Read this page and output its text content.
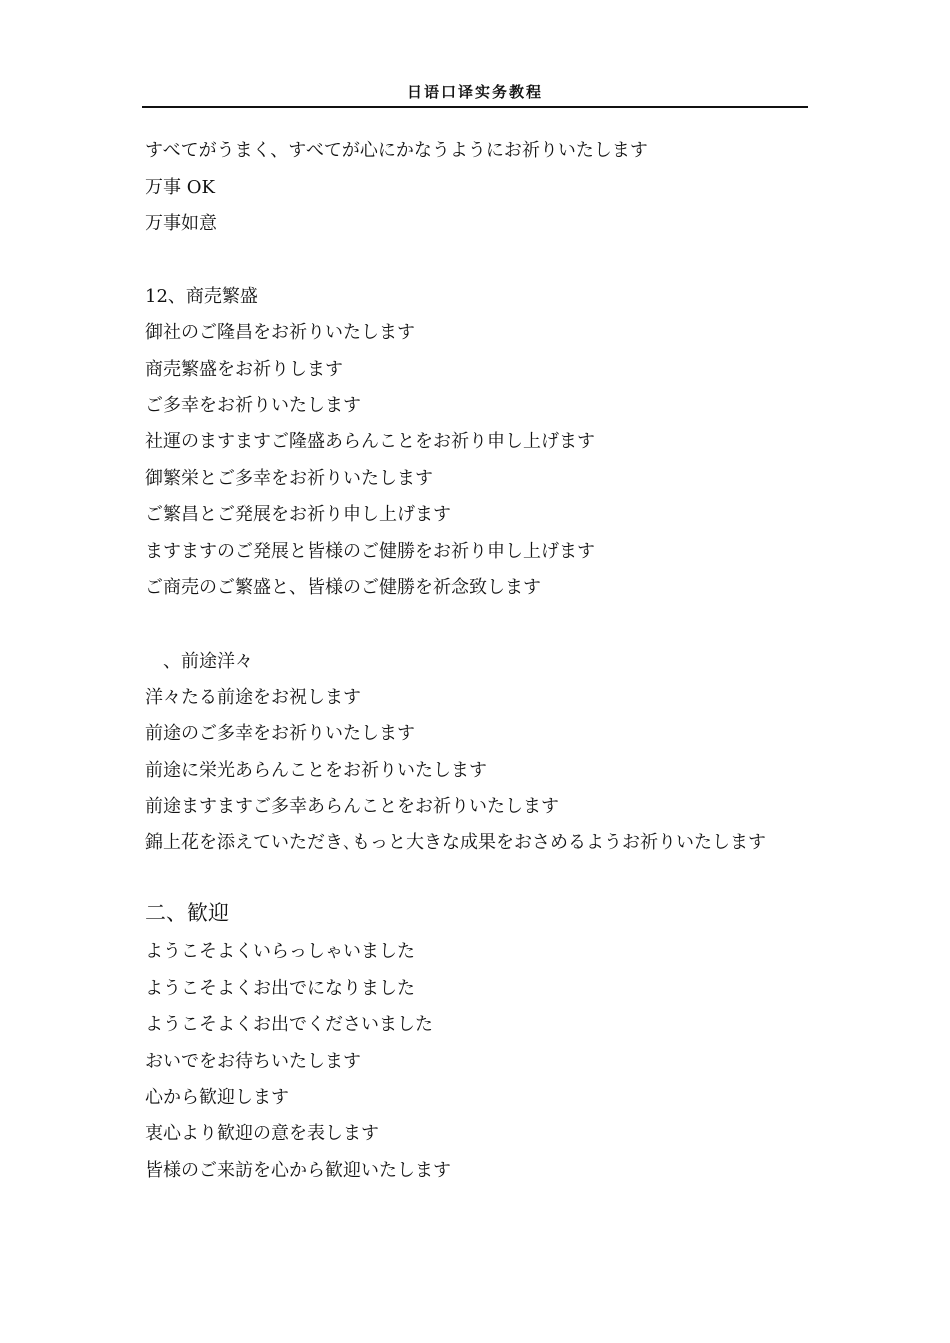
日语口译实务教程
すべてがうまく、すべてが心にかなうようにお祈りいたします
万事 OK
万事如意
12、商売繁盛
御社のご隆昌をお祈りいたします
商売繁盛をお祈りします
ご多幸をお祈りいたします
社運のますますご隆盛あらんことをお祈り申し上げます
御繁栄とご多幸をお祈りいたします
ご繁昌とご発展をお祈り申し上げます
ますますのご発展と皆様のご健勝をお祈り申し上げます
ご商売のご繁盛と、皆様のご健勝を祈念致します
　、前途洋々
洋々たる前途をお祝します
前途のご多幸をお祈りいたします
前途に栄光あらんことをお祈りいたします
前途ますますご多幸あらんことをお祈りいたします
錦上花を添えていただき､もっと大きな成果をおさめるようお祈りいたします
二、歓迎
ようこそよくいらっしゃいました
ようこそよくお出でになりました
ようこそよくお出でくださいました
おいでをお待ちいたします
心から歓迎します
衷心より歓迎の意を表します
皆様のご来訪を心から歓迎いたします
